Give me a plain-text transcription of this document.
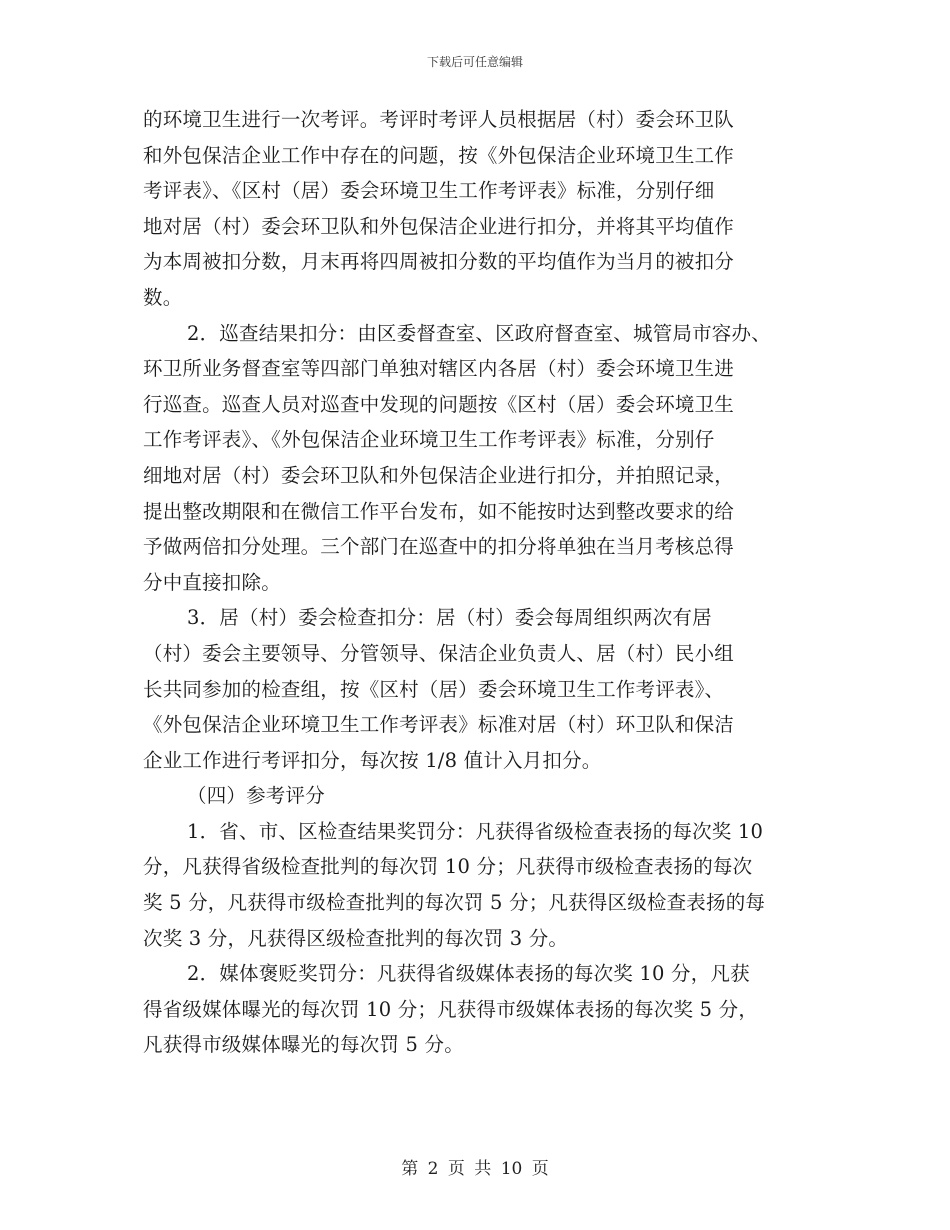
下载后可任意编辑
的环境卫生进行一次考评。考评时考评人员根据居（村）委会环卫队
和外包保洁企业工作中存在的问题，按《外包保洁企业环境卫生工作
考评表》、《区村（居）委会环境卫生工作考评表》标准，分别仔细
地对居（村）委会环卫队和外包保洁企业进行扣分，并将其平均值作
为本周被扣分数，月末再将四周被扣分数的平均值作为当月的被扣分
数。
2．巡查结果扣分：由区委督查室、区政府督查室、城管局市容办、
环卫所业务督查室等四部门单独对辖区内各居（村）委会环境卫生进
行巡查。巡查人员对巡查中发现的问题按《区村（居）委会环境卫生
工作考评表》、《外包保洁企业环境卫生工作考评表》标准，分别仔
细地对居（村）委会环卫队和外包保洁企业进行扣分，并拍照记录，
提出整改期限和在微信工作平台发布，如不能按时达到整改要求的给
予做两倍扣分处理。三个部门在巡查中的扣分将单独在当月考核总得
分中直接扣除。
3．居（村）委会检查扣分：居（村）委会每周组织两次有居
（村）委会主要领导、分管领导、保洁企业负责人、居（村）民小组
长共同参加的检查组，按《区村（居）委会环境卫生工作考评表》、
《外包保洁企业环境卫生工作考评表》标准对居（村）环卫队和保洁
企业工作进行考评扣分，每次按 1/8 值计入月扣分。
（四）参考评分
1．省、市、区检查结果奖罚分：凡获得省级检查表扬的每次奖 10
分，凡获得省级检查批判的每次罚 10 分；凡获得市级检查表扬的每次
奖 5 分，凡获得市级检查批判的每次罚 5 分；凡获得区级检查表扬的每
次奖 3 分，凡获得区级检查批判的每次罚 3 分。
2．媒体褒贬奖罚分：凡获得省级媒体表扬的每次奖 10 分，凡获
得省级媒体曝光的每次罚 10 分；凡获得市级媒体表扬的每次奖 5 分，
凡获得市级媒体曝光的每次罚 5 分。
第 2 页 共 10 页
